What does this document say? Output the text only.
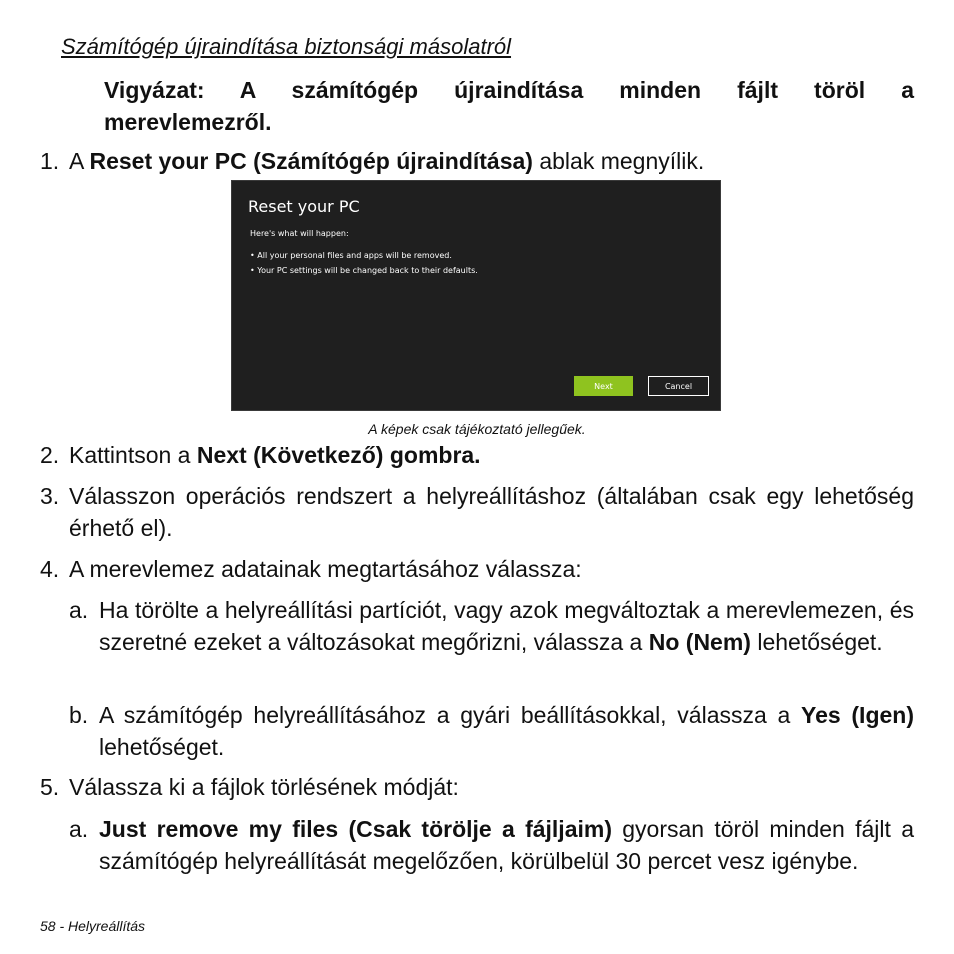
Számítógép újraindítása biztonsági másolatról
Vigyázat: A számítógép újraindítása minden fájlt töröl a
merevlemezről.
1. A Reset your PC (Számítógép újraindítása) ablak megnyílik.
Reset your PC
Here's what will happen:
• All your personal files and apps will be removed.
• Your PC settings will be changed back to their defaults.
Next	Cancel
A képek csak tájékoztató jellegűek.
2. Kattintson a Next (Következő) gombra.
3. Válasszon operációs rendszert a helyreállításhoz (általában csak egy lehetőség érhető el).
4. A merevlemez adatainak megtartásához válassza:
a. Ha törölte a helyreállítási partíciót, vagy azok megváltoztak a merevlemezen, és szeretné ezeket a változásokat megőrizni, válassza a No (Nem) lehetőséget.
b. A számítógép helyreállításához a gyári beállításokkal, válassza a Yes (Igen) lehetőséget.
5. Válassza ki a fájlok törlésének módját:
a. Just remove my files (Csak törölje a fájljaim) gyorsan töröl minden fájlt a számítógép helyreállítását megelőzően, körülbelül 30 percet vesz igénybe.
58 - Helyreállítás
